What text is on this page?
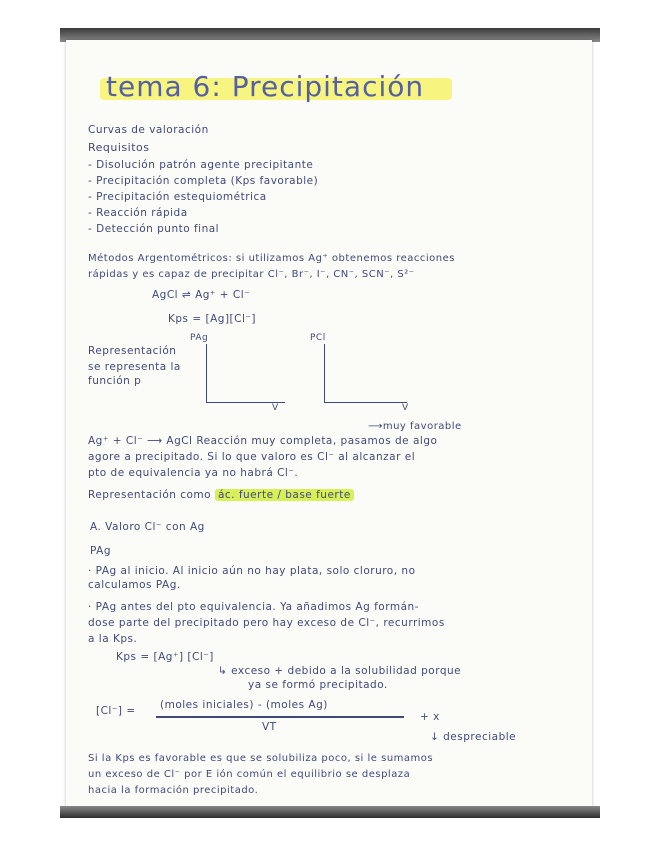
tema 6: Precipitación
Curvas de valoración
Requisitos
- Disolución patrón agente precipitante
- Precipitación completa (Kps favorable)
- Precipitación estequiométrica
- Reacción rápida
- Detección punto final
Métodos Argentométricos: si utilizamos Ag⁺ obtenemos reacciones
rápidas y es capaz de precipitar Cl⁻, Br⁻, I⁻, CN⁻, SCN⁻, S²⁻
AgCl ⇌ Ag⁺ + Cl⁻
Kps = [Ag][Cl⁻]
Representación
se representa la
función p
PAg
V
PCl
V
⟶muy favorable
Ag⁺ + Cl⁻ ⟶ AgCl Reacción muy completa, pasamos de algo
agore a precipitado. Si lo que valoro es Cl⁻ al alcanzar el
pto de equivalencia ya no habrá Cl⁻.
Representación como ác. fuerte / base fuerte
A. Valoro Cl⁻ con Ag
PAg
· PAg al inicio. Al inicio aún no hay plata, solo cloruro, no
calculamos PAg.
· PAg antes del pto equivalencia. Ya añadimos Ag formán-
dose parte del precipitado pero hay exceso de Cl⁻, recurrimos
a la Kps.
Kps = [Ag⁺] [Cl⁻]
↳ exceso + debido a la solubilidad porque
ya se formó precipitado.
[Cl⁻] = (moles iniciales) - (moles Ag)
VT
+ x
↓ despreciable
Si la Kps es favorable es que se solubiliza poco, si le sumamos
un exceso de Cl⁻ por E ión común el equilibrio se desplaza
hacia la formación precipitado.
